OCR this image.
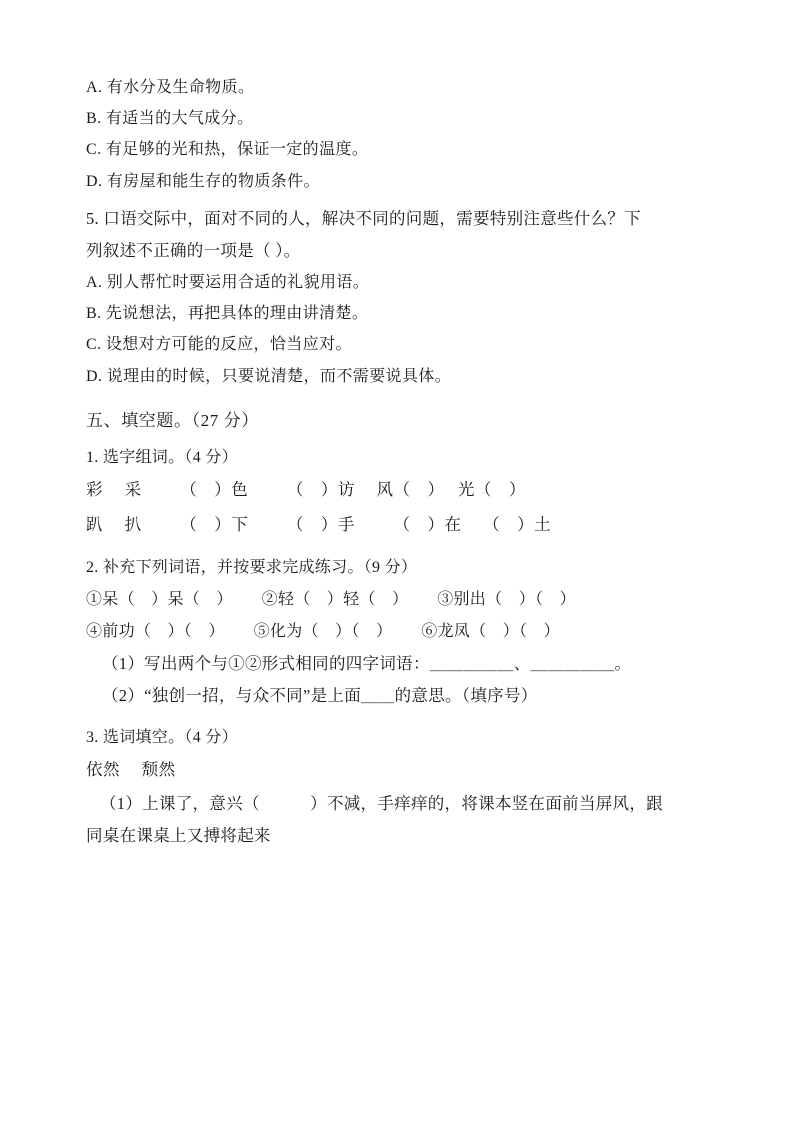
A. 有水分及生命物质。

B. 有适当的大气成分。

C. 有足够的光和热，保证一定的温度。

D. 有房屋和能生存的物质条件。

5. 口语交际中，面对不同的人，解决不同的问题，需要特别注意些什么？下

列叙述不正确的一项是（ ）。

A. 别人帮忙时要运用合适的礼貌用语。

B. 先说想法，再把具体的理由讲清楚。

C. 设想对方可能的反应，恰当应对。

D. 说理由的时候，只要说清楚，而不需要说具体。

五、填空题。（27 分）

1. 选字组词。（4 分）

彩　 采　　 （　）色　　 （　）访　 风（　）　 光（　）

趴　 扒　　 （　）下　　 （　）手　　 （　）在　 （　）土

2. 补充下列词语，并按要求完成练习。（9 分）

①呆（　）呆（　）　　 ②轻（　）轻（　）　　 ③别出（　）（　）

④前功（　）（　）　　 ⑤化为（　）（　）　　 ⑥龙凤（　）（　）

（1）写出两个与①②形式相同的四字词语：＿＿＿＿＿、＿＿＿＿＿。

（2）“独创一招，与众不同”是上面＿＿的意思。（填序号）

3. 选词填空。（4 分）

依然　 颓然

（1）上课了，意兴（　　　）不减，手痒痒的，将课本竖在面前当屏风，跟

同桌在课桌上又搏将起来
